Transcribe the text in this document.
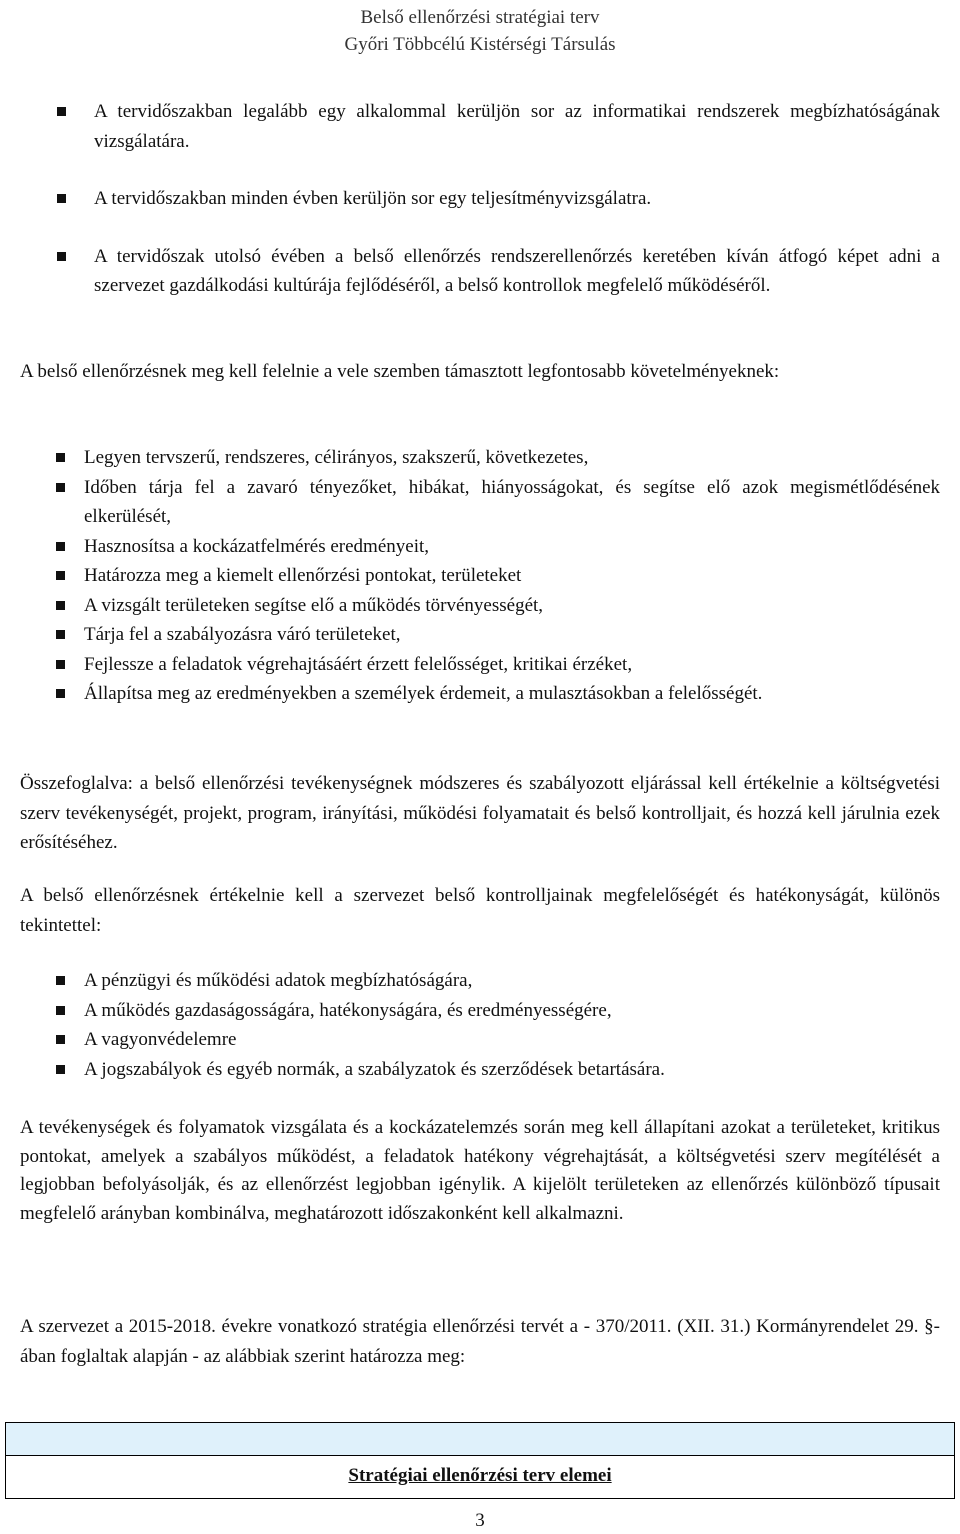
Belső ellenőrzési stratégiai terv
Győri Többcélú Kistérségi Társulás
A tervidőszakban legalább egy alkalommal kerüljön sor az informatikai rendszerek megbízhatóságának vizsgálatára.
A tervidőszakban minden évben kerüljön sor egy teljesítményvizsgálatra.
A tervidőszak utolsó évében a belső ellenőrzés rendszerellenőrzés keretében kíván átfogó képet adni a szervezet gazdálkodási kultúrája fejlődéséről, a belső kontrollok megfelelő működéséről.

A belső ellenőrzésnek meg kell felelnie a vele szemben támasztott legfontosabb követelményeknek:

Legyen tervszerű, rendszeres, célirányos, szakszerű, következetes,
Időben tárja fel a zavaró tényezőket, hibákat, hiányosságokat, és segítse elő azok megismétlődésének elkerülését,
Hasznosítsa a kockázatfelmérés eredményeit,
Határozza meg a kiemelt ellenőrzési pontokat, területeket
A vizsgált területeken segítse elő a működés törvényességét,
Tárja fel a szabályozásra váró területeket,
Fejlessze a feladatok végrehajtásáért érzett felelősséget, kritikai érzéket,
Állapítsa meg az eredményekben a személyek érdemeit, a mulasztásokban a felelősségét.

Összefoglalva: a belső ellenőrzési tevékenységnek módszeres és szabályozott eljárással kell értékelnie a költségvetési szerv tevékenységét, projekt, program, irányítási, működési folyamatait és belső kontrolljait, és hozzá kell járulnia ezek erősítéséhez.

A belső ellenőrzésnek értékelnie kell a szervezet belső kontrolljainak megfelelőségét és hatékonyságát, különös tekintettel:

A pénzügyi és működési adatok megbízhatóságára,
A működés gazdaságosságára, hatékonyságára, és eredményességére,
A vagyonvédelemre
A jogszabályok és egyéb normák, a szabályzatok és szerződések betartására.

A tevékenységek és folyamatok vizsgálata és a kockázatelemzés során meg kell állapítani azokat a területeket, kritikus pontokat, amelyek a szabályos működést, a feladatok hatékony végrehajtását, a költségvetési szerv megítélését a legjobban befolyásolják, és az ellenőrzést legjobban igénylik. A kijelölt területeken az ellenőrzés különböző típusait megfelelő arányban kombinálva, meghatározott időszakonként kell alkalmazni.

A szervezet a 2015-2018. évekre vonatkozó stratégia ellenőrzési tervét a - 370/2011. (XII. 31.) Kormányrendelet 29. §-ában foglaltak alapján - az alábbiak szerint határozza meg:

Stratégiai ellenőrzési terv elemei
3
